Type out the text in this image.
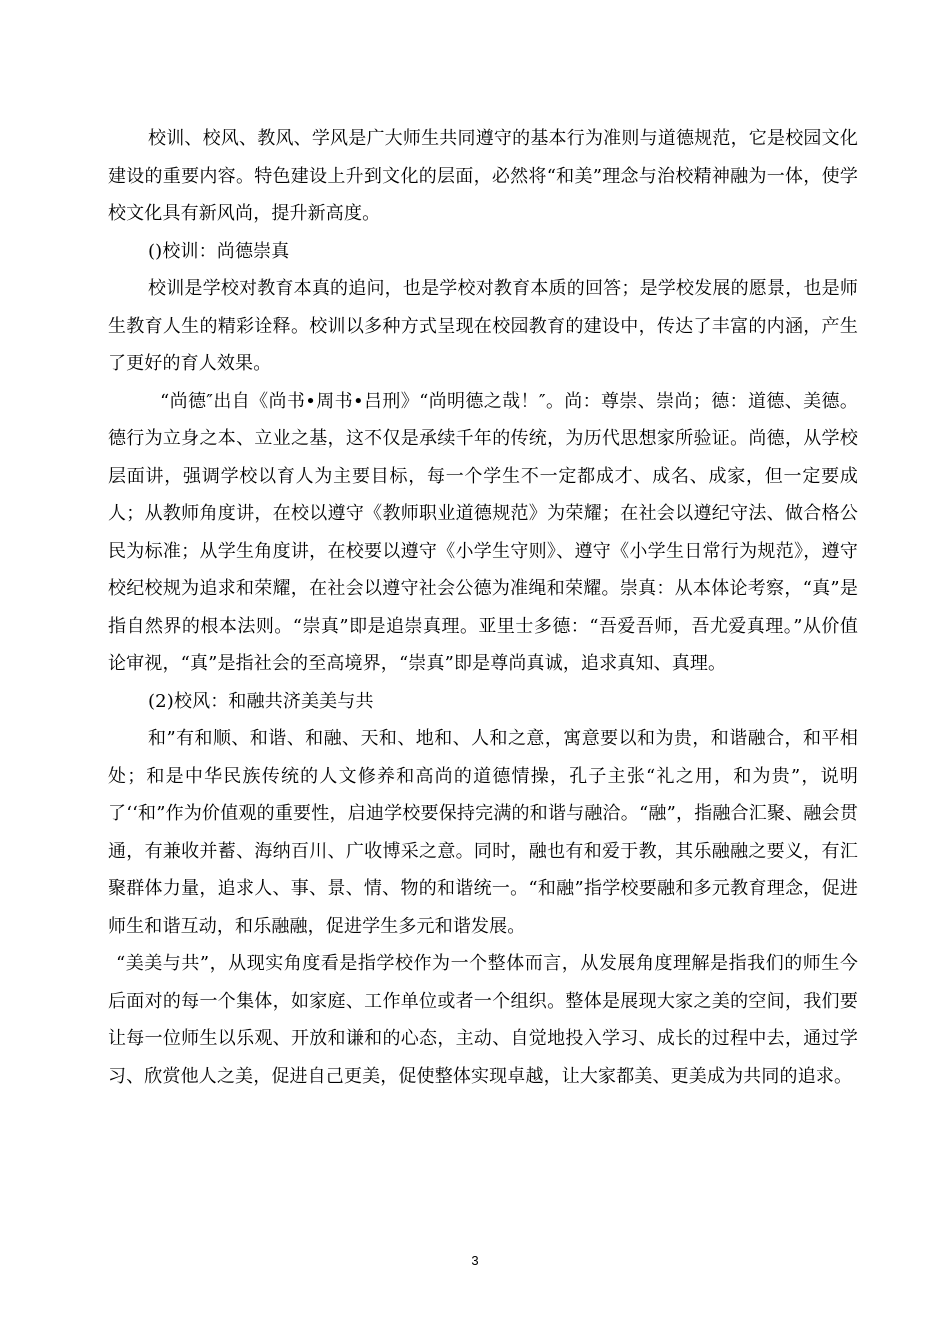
校训、校风、教风、学风是广大师生共同遵守的基本行为准则与道德规范，它是校园文化建设的重要内容。特色建设上升到文化的层面，必然将“和美”理念与治校精神融为一体，使学校文化具有新风尚，提升新高度。

()校训：尚德崇真

校训是学校对教育本真的追问，也是学校对教育本质的回答；是学校发展的愿景，也是师生教育人生的精彩诠释。校训以多种方式呈现在校园教育的建设中，传达了丰富的内涵，产生了更好的育人效果。

“尚德″出自《尚书•周书•吕刑》“尚明德之哉！″。尚：尊崇、崇尚；德：道德、美德。德行为立身之本、立业之基，这不仅是承续千年的传统，为历代思想家所验证。尚德，从学校层面讲，强调学校以育人为主要目标，每一个学生不一定都成才、成名、成家，但一定要成人；从教师角度讲，在校以遵守《教师职业道德规范》为荣耀；在社会以遵纪守法、做合格公民为标准；从学生角度讲，在校要以遵守《小学生守则》、遵守《小学生日常行为规范》，遵守校纪校规为追求和荣耀，在社会以遵守社会公德为准绳和荣耀。崇真：从本体论考察，“真”是指自然界的根本法则。“崇真”即是追崇真理。亚里士多德：“吾爱吾师，吾尤爱真理。”从价值论审视，“真”是指社会的至高境界，“崇真”即是尊尚真诚，追求真知、真理。

(2)校风：和融共济美美与共

和”有和顺、和谐、和融、天和、地和、人和之意，寓意要以和为贵，和谐融合，和平相处；和是中华民族传统的人文修养和高尚的道德情操，孔子主张“礼之用，和为贵”，说明了‘‘和”作为价值观的重要性，启迪学校要保持完满的和谐与融洽。“融”，指融合汇聚、融会贯通，有兼收并蓄、海纳百川、广收博采之意。同时，融也有和爱于教，其乐融融之要义，有汇聚群体力量，追求人、事、景、情、物的和谐统一。“和融”指学校要融和多元教育理念，促进师生和谐互动，和乐融融，促进学生多元和谐发展。

“美美与共”，从现实角度看是指学校作为一个整体而言，从发展角度理解是指我们的师生今后面对的每一个集体，如家庭、工作单位或者一个组织。整体是展现大家之美的空间，我们要让每一位师生以乐观、开放和谦和的心态，主动、自觉地投入学习、成长的过程中去，通过学习、欣赏他人之美，促进自己更美，促使整体实现卓越，让大家都美、更美成为共同的追求。

3
